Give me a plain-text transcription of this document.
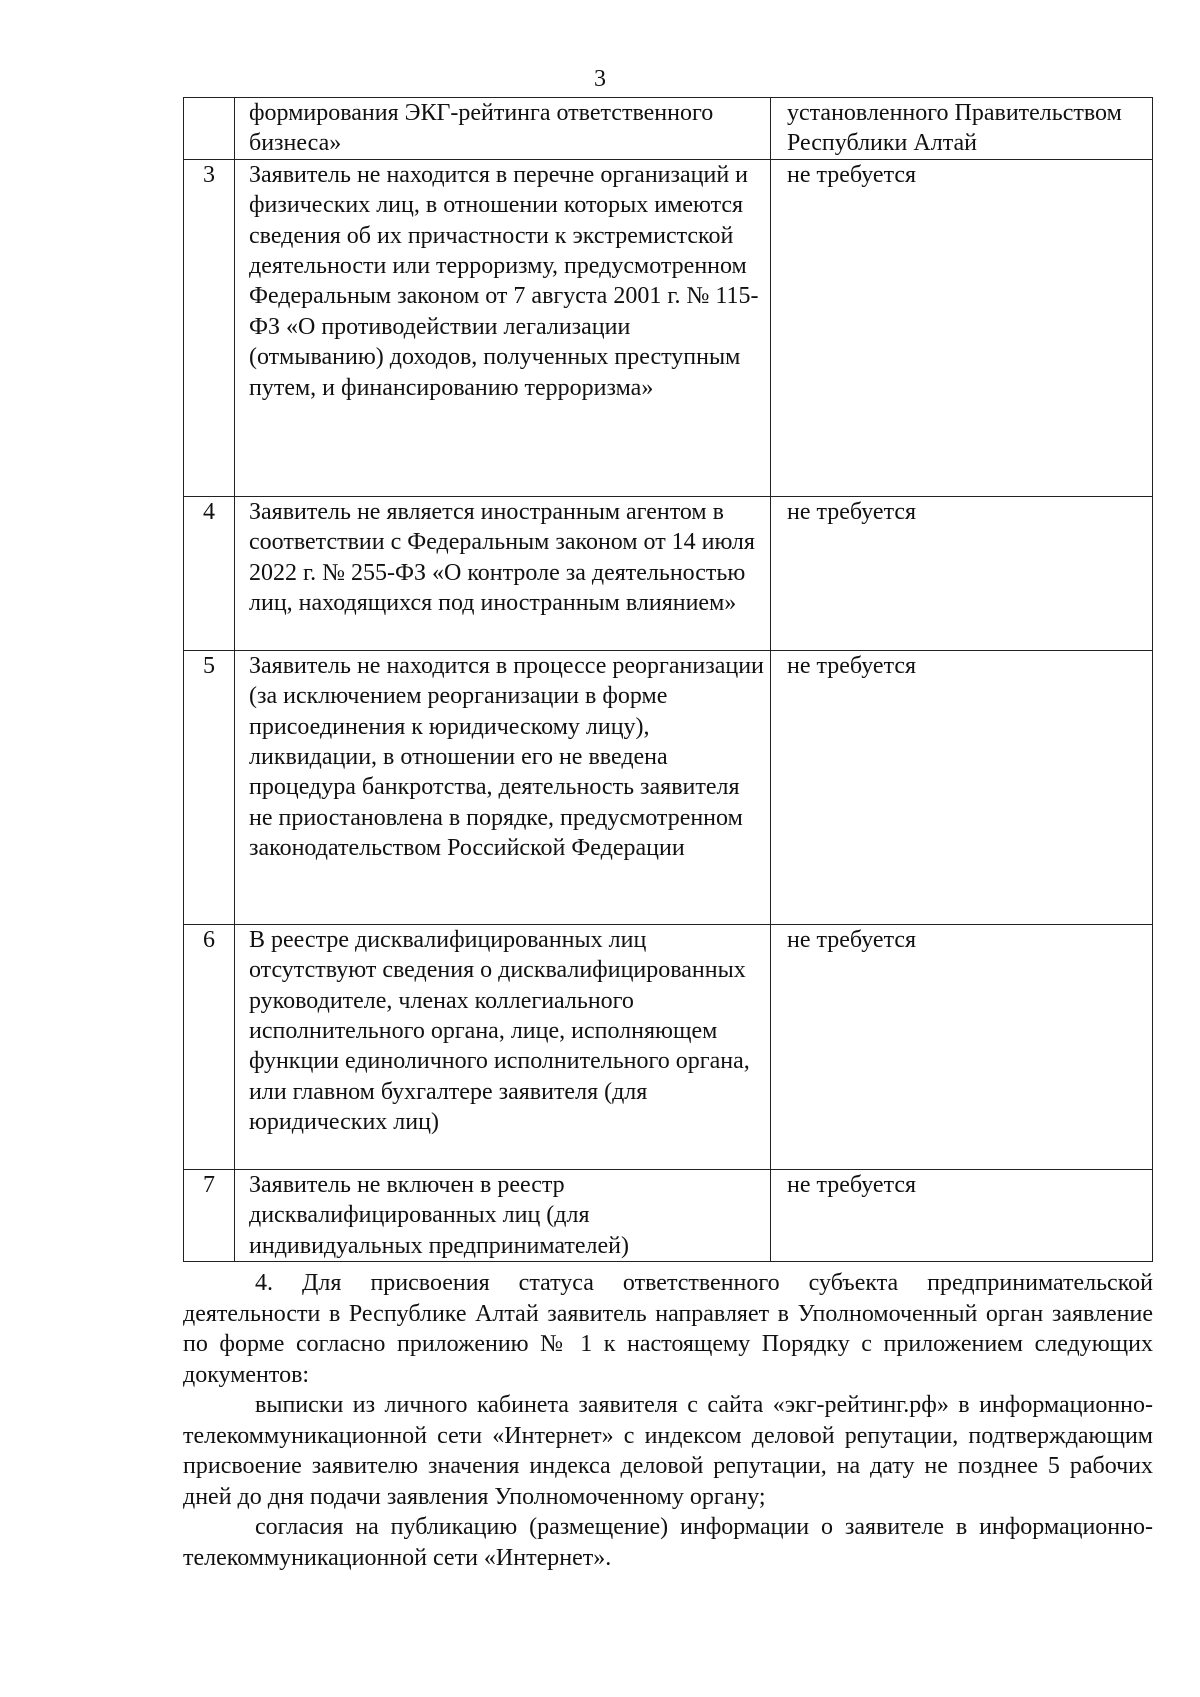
3
	формирования ЭКГ-рейтинга ответственного бизнеса»	установленного Правительством Республики Алтай
3	Заявитель не находится в перечне организаций и физических лиц, в отношении которых имеются сведения об их причастности к экстремистской деятельности или терроризму, предусмотренном Федеральным законом от 7 августа 2001 г. № 115-ФЗ «О противодействии легализации (отмыванию) доходов, полученных преступным путем, и финансированию терроризма»	не требуется
4	Заявитель не является иностранным агентом в соответствии с Федеральным законом от 14 июля 2022 г. № 255-ФЗ «О контроле за деятельностью лиц, находящихся под иностранным влиянием»	не требуется
5	Заявитель не находится в процессе реорганизации (за исключением реорганизации в форме присоединения к юридическому лицу), ликвидации, в отношении его не введена процедура банкротства, деятельность заявителя не приостановлена в порядке, предусмотренном законодательством Российской Федерации	не требуется
6	В реестре дисквалифицированных лиц отсутствуют сведения о дисквалифицированных руководителе, членах коллегиального исполнительного органа, лице, исполняющем функции единоличного исполнительного органа, или главном бухгалтере заявителя (для юридических лиц)	не требуется
7	Заявитель не включен в реестр дисквалифицированных лиц (для индивидуальных предпринимателей)	не требуется

4. Для присвоения статуса ответственного субъекта предпринимательской деятельности в Республике Алтай заявитель направляет в Уполномоченный орган заявление по форме согласно приложению № 1 к настоящему Порядку с приложением следующих документов:

выписки из личного кабинета заявителя с сайта «экг-рейтинг.рф» в информационно-телекоммуникационной сети «Интернет» с индексом деловой репутации, подтверждающим присвоение заявителю значения индекса деловой репутации, на дату не позднее 5 рабочих дней до дня подачи заявления Уполномоченному органу;

согласия на публикацию (размещение) информации о заявителе в информационно-телекоммуникационной сети «Интернет».
